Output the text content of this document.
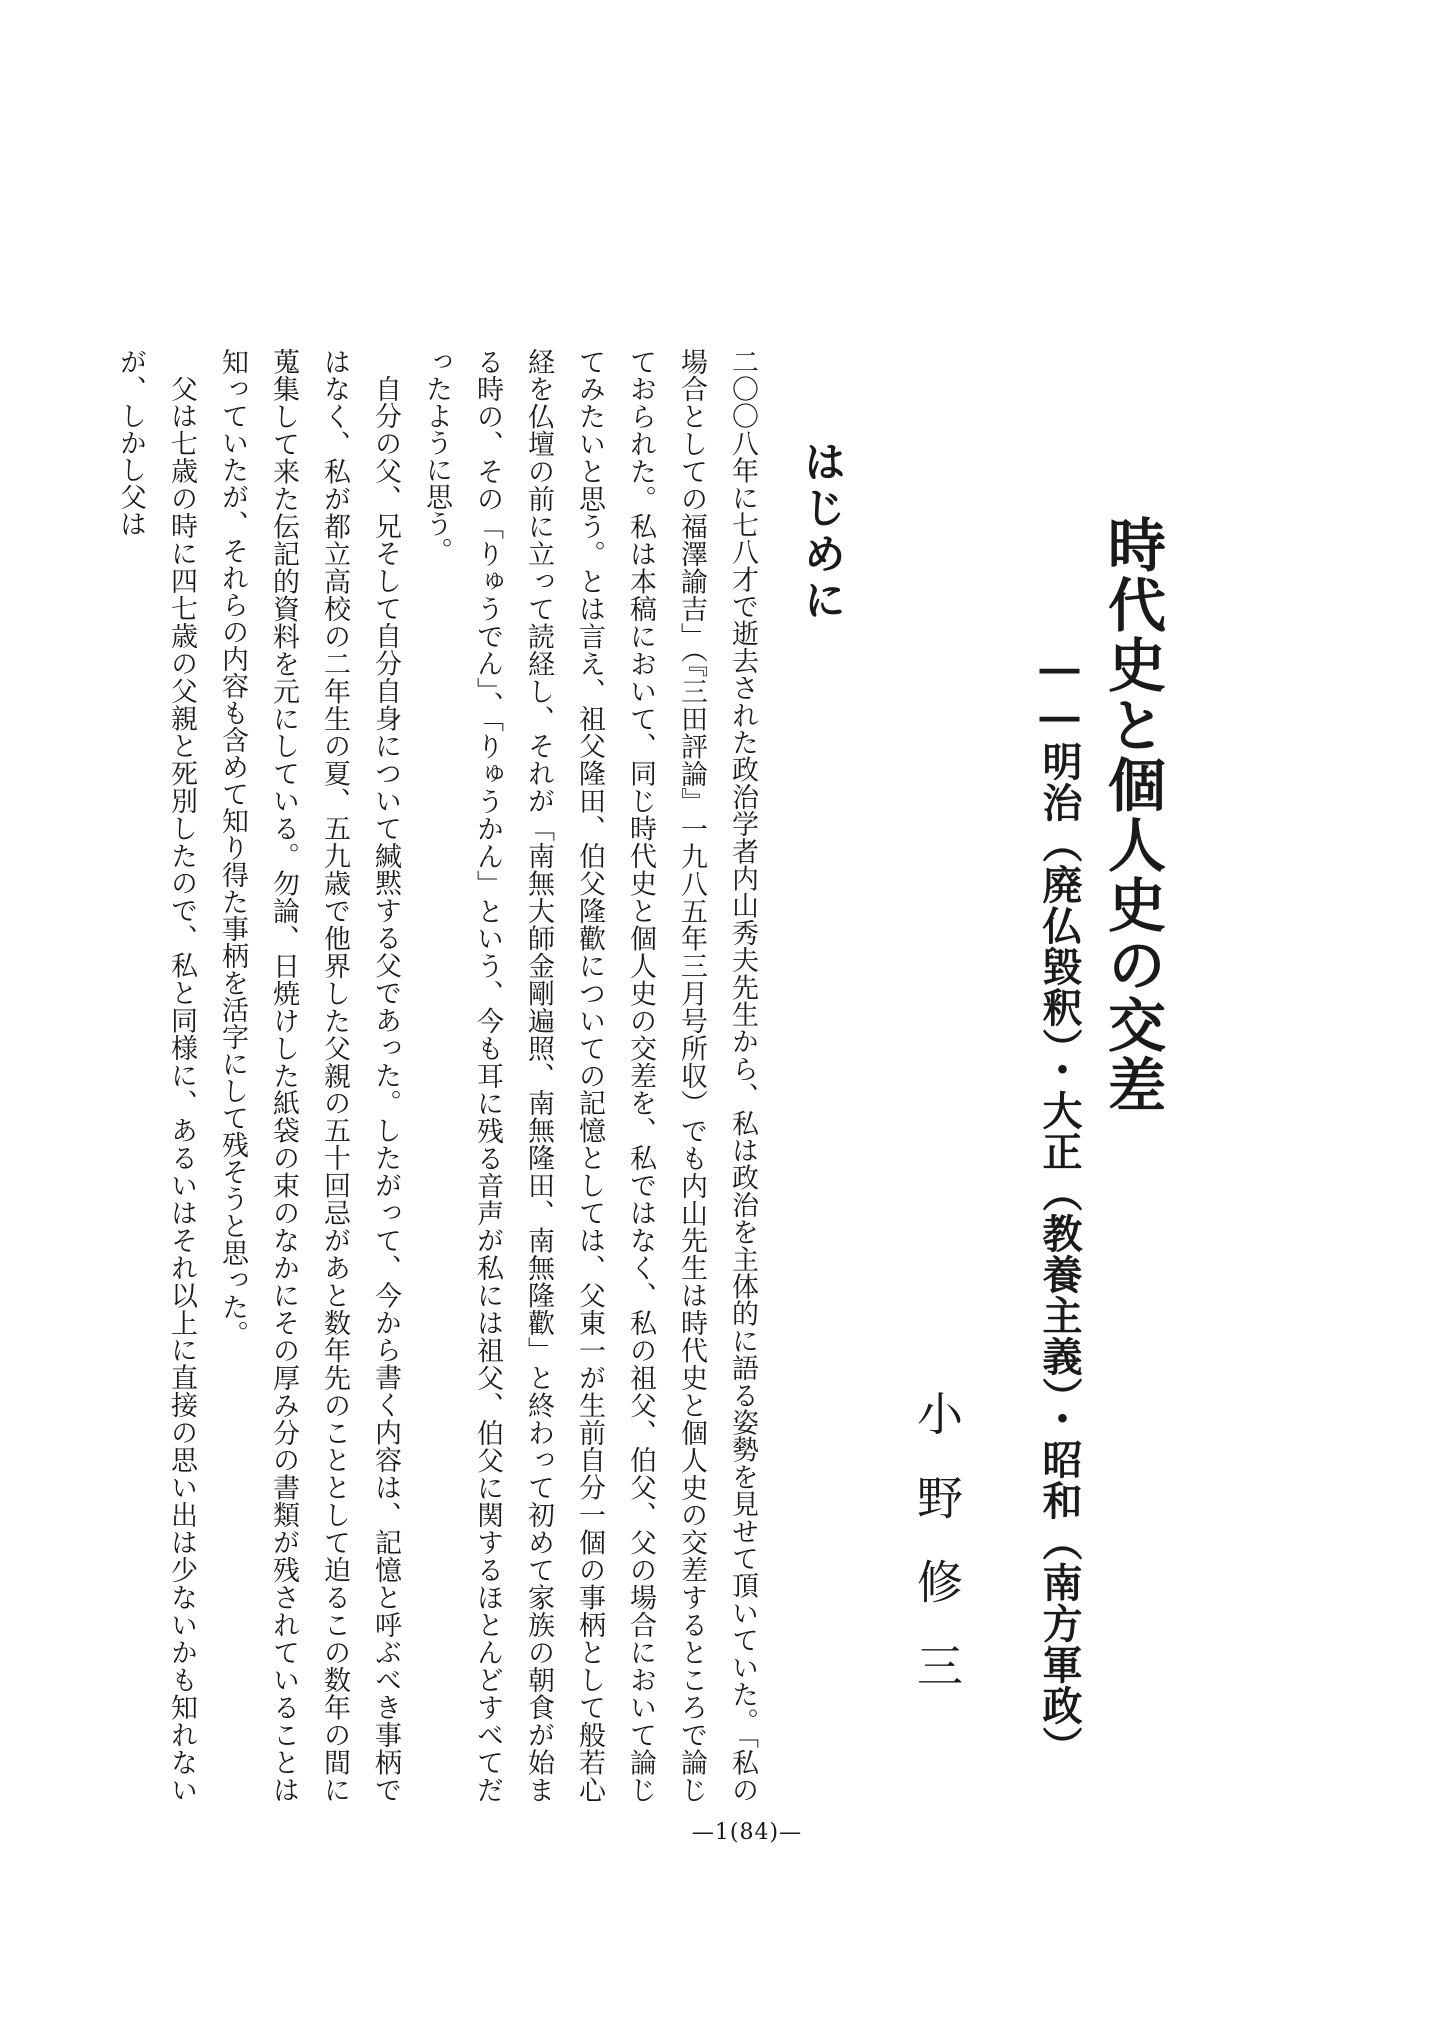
時代史と個人史の交差
――明治（廃仏毀釈）・大正（教養主義）・昭和（南方軍政）
小野修三
はじめに

二〇〇八年に七八才で逝去された政治学者内山秀夫先生から、私は政治を主体的に語る姿勢を見せて頂いていた。「私の場合としての福澤諭吉」（『三田評論』一九八五年三月号所収）でも内山先生は時代史と個人史の交差するところで論じておられた。私は本稿において、同じ時代史と個人史の交差を、私ではなく、私の祖父、伯父、父の場合において論じてみたいと思う。とは言え、祖父隆田、伯父隆歡についての記憶としては、父東一が生前自分一個の事柄として般若心経を仏壇の前に立って読経し、それが「南無大師金剛遍照、南無隆田、南無隆歡」と終わって初めて家族の朝食が始まる時の、その「りゅうでん」、「りゅうかん」という、今も耳に残る音声が私には祖父、伯父に関するほとんどすべてだったように思う。

自分の父、兄そして自分自身について緘黙する父であった。したがって、今から書く内容は、記憶と呼ぶべき事柄ではなく、私が都立高校の二年生の夏、五九歳で他界した父親の五十回忌があと数年先のこととして迫るこの数年の間に蒐集して来た伝記的資料を元にしている。勿論、日焼けした紙袋の束のなかにその厚み分の書類が残されていることは知っていたが、それらの内容も含めて知り得た事柄を活字にして残そうと思った。

父は七歳の時に四七歳の父親と死別したので、私と同様に、あるいはそれ以上に直接の思い出は少ないかも知れないが、しかし父は

—1(84)—
